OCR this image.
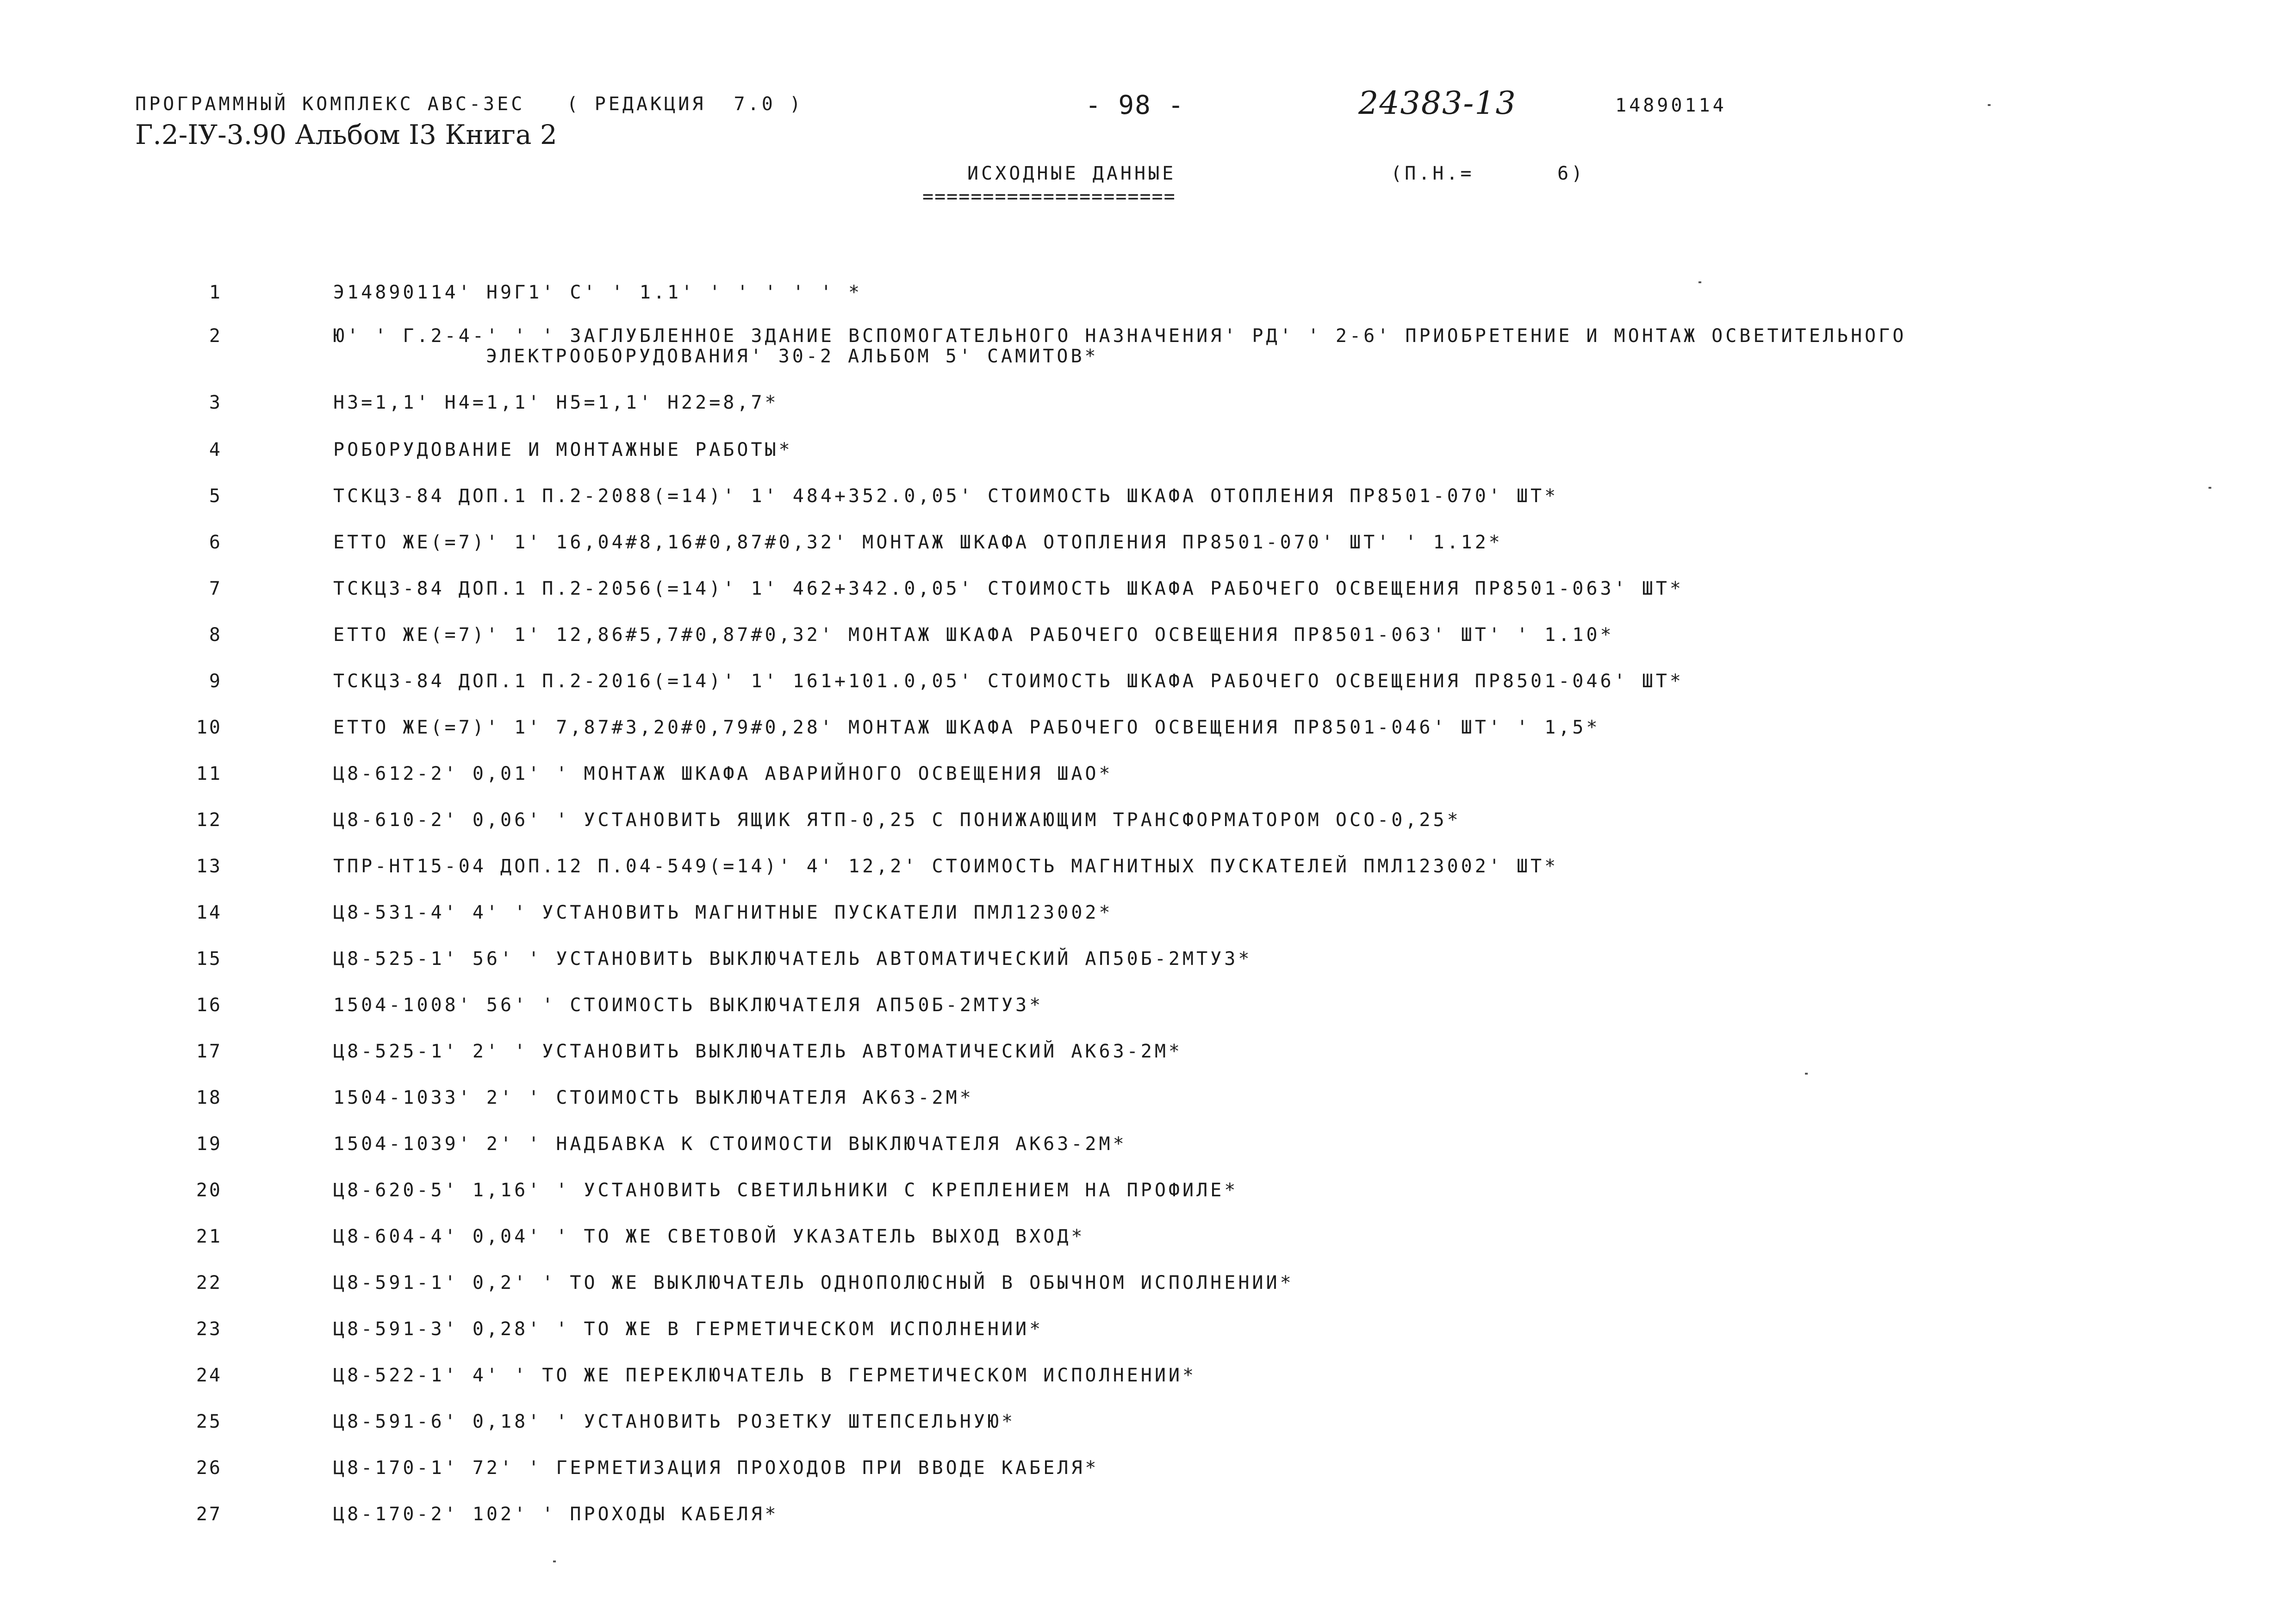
ПРОГРАММНЫЙ КОМПЛЕКС АВС-3ЕС   ( РЕДАКЦИЯ  7.0 )	- 98 -	24383-13	14890114
Г.2-IУ-3.90 Альбом I3 Книга 2
ИСХОДНЫЕ ДАННЫЕ
=====================
(П.Н.=	6)
1	Э14890114' Н9Г1' С' ' 1.1' ' ' ' ' ' *
2	Ю' ' Г.2-4-' ' ' ЗАГЛУБЛЕННОЕ ЗДАНИЕ ВСПОМОГАТЕЛЬНОГО НАЗНАЧЕНИЯ' РД' ' 2-6' ПРИОБРЕТЕНИЕ И МОНТАЖ ОСВЕТИТЕЛЬНОГО
ЭЛЕКТРООБОРУДОВАНИЯ' 30-2 АЛЬБОМ 5' САМИТОВ*
3	Н3=1,1' Н4=1,1' Н5=1,1' Н22=8,7*
4	РОБОРУДОВАНИЕ И МОНТАЖНЫЕ РАБОТЫ*
5	ТСКЦ3-84 ДОП.1 П.2-2088(=14)' 1' 484+352.0,05' СТОИМОСТЬ ШКАФА ОТОПЛЕНИЯ ПР8501-070' ШТ*
6	ЕТТО ЖЕ(=7)' 1' 16,04#8,16#0,87#0,32' МОНТАЖ ШКАФА ОТОПЛЕНИЯ ПР8501-070' ШТ' ' 1.12*
7	ТСКЦ3-84 ДОП.1 П.2-2056(=14)' 1' 462+342.0,05' СТОИМОСТЬ ШКАФА РАБОЧЕГО ОСВЕЩЕНИЯ ПР8501-063' ШТ*
8	ЕТТО ЖЕ(=7)' 1' 12,86#5,7#0,87#0,32' МОНТАЖ ШКАФА РАБОЧЕГО ОСВЕЩЕНИЯ ПР8501-063' ШТ' ' 1.10*
9	ТСКЦ3-84 ДОП.1 П.2-2016(=14)' 1' 161+101.0,05' СТОИМОСТЬ ШКАФА РАБОЧЕГО ОСВЕЩЕНИЯ ПР8501-046' ШТ*
10	ЕТТО ЖЕ(=7)' 1' 7,87#3,20#0,79#0,28' МОНТАЖ ШКАФА РАБОЧЕГО ОСВЕЩЕНИЯ ПР8501-046' ШТ' ' 1,5*
11	Ц8-612-2' 0,01' ' МОНТАЖ ШКАФА АВАРИЙНОГО ОСВЕЩЕНИЯ ШАО*
12	Ц8-610-2' 0,06' ' УСТАНОВИТЬ ЯЩИК ЯТП-0,25 С ПОНИЖАЮЩИМ ТРАНСФОРМАТОРОМ ОСО-0,25*
13	ТПР-НТ15-04 ДОП.12 П.04-549(=14)' 4' 12,2' СТОИМОСТЬ МАГНИТНЫХ ПУСКАТЕЛЕЙ ПМЛ123002' ШТ*
14	Ц8-531-4' 4' ' УСТАНОВИТЬ МАГНИТНЫЕ ПУСКАТЕЛИ ПМЛ123002*
15	Ц8-525-1' 56' ' УСТАНОВИТЬ ВЫКЛЮЧАТЕЛЬ АВТОМАТИЧЕСКИЙ АП50Б-2МТУ3*
16	1504-1008' 56' ' СТОИМОСТЬ ВЫКЛЮЧАТЕЛЯ АП50Б-2МТУ3*
17	Ц8-525-1' 2' ' УСТАНОВИТЬ ВЫКЛЮЧАТЕЛЬ АВТОМАТИЧЕСКИЙ АК63-2М*
18	1504-1033' 2' ' СТОИМОСТЬ ВЫКЛЮЧАТЕЛЯ АК63-2М*
19	1504-1039' 2' ' НАДБАВКА К СТОИМОСТИ ВЫКЛЮЧАТЕЛЯ АК63-2М*
20	Ц8-620-5' 1,16' ' УСТАНОВИТЬ СВЕТИЛЬНИКИ С КРЕПЛЕНИЕМ НА ПРОФИЛЕ*
21	Ц8-604-4' 0,04' ' ТО ЖЕ СВЕТОВОЙ УКАЗАТЕЛЬ ВЫХОД ВХОД*
22	Ц8-591-1' 0,2' ' ТО ЖЕ ВЫКЛЮЧАТЕЛЬ ОДНОПОЛЮСНЫЙ В ОБЫЧНОМ ИСПОЛНЕНИИ*
23	Ц8-591-3' 0,28' ' ТО ЖЕ В ГЕРМЕТИЧЕСКОМ ИСПОЛНЕНИИ*
24	Ц8-522-1' 4' ' ТО ЖЕ ПЕРЕКЛЮЧАТЕЛЬ В ГЕРМЕТИЧЕСКОМ ИСПОЛНЕНИИ*
25	Ц8-591-6' 0,18' ' УСТАНОВИТЬ РОЗЕТКУ ШТЕПСЕЛЬНУЮ*
26	Ц8-170-1' 72' ' ГЕРМЕТИЗАЦИЯ ПРОХОДОВ ПРИ ВВОДЕ КАБЕЛЯ*
27	Ц8-170-2' 102' ' ПРОХОДЫ КАБЕЛЯ*
